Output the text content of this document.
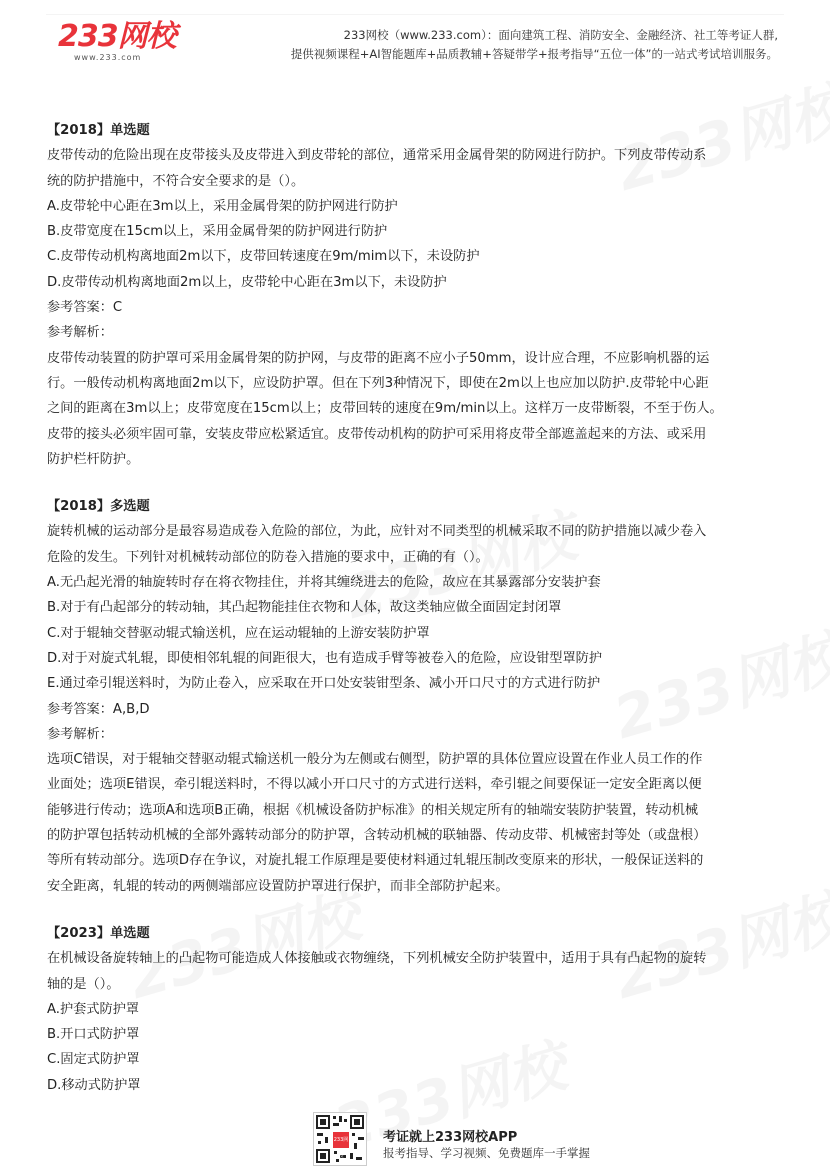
233网校
www.233.com
233网校（www.233.com）：面向建筑工程、消防安全、金融经济、社工等考证人群,
提供视频课程+AI智能题库+品质教辅+答疑带学+报考指导“五位一体”的一站式考试培训服务。
【2018】单选题
皮带传动的危险出现在皮带接头及皮带进入到皮带轮的部位，通常采用金属骨架的防网进行防护。下列皮带传动系
统的防护措施中，不符合安全要求的是（）。
A.皮带轮中心距在3m以上，采用金属骨架的防护网进行防护
B.皮带宽度在15cm以上，采用金属骨架的防护网进行防护
C.皮带传动机构离地面2m以下，皮带回转速度在9m/mim以下，未设防护
D.皮带传动机构离地面2m以上，皮带轮中心距在3m以下，未设防护
参考答案：C
参考解析：
皮带传动装置的防护罩可采用金属骨架的防护网，与皮带的距离不应小子50mm，设计应合理，不应影响机器的运
行。一般传动机构离地面2m以下，应设防护罩。但在下列3种情况下，即使在2m以上也应加以防护.皮带轮中心距
之间的距离在3m以上；皮带宽度在15cm以上；皮带回转的速度在9m/min以上。这样万一皮带断裂，不至于伤人。
皮带的接头必须牢固可靠，安装皮带应松紧适宜。皮带传动机构的防护可采用将皮带全部遮盖起来的方法、或采用
防护栏杆防护。
【2018】多选题
旋转机械的运动部分是最容易造成卷入危险的部位，为此，应针对不同类型的机械采取不同的防护措施以减少卷入
危险的发生。下列针对机械转动部位的防卷入措施的要求中，正确的有（）。
A.无凸起光滑的轴旋转时存在将衣物挂住，并将其缠绕进去的危险，故应在其暴露部分安装护套
B.对于有凸起部分的转动轴，其凸起物能挂住衣物和人体，故这类轴应做全面固定封闭罩
C.对于辊轴交替驱动辊式输送机，应在运动辊轴的上游安装防护罩
D.对于对旋式轧辊，即使相邻轧辊的间距很大，也有造成手臂等被卷入的危险，应设钳型罩防护
E.通过牵引辊送料时，为防止卷入，应采取在开口处安装钳型条、减小开口尺寸的方式进行防护
参考答案：A,B,D
参考解析：
选项C错误，对于辊轴交替驱动辊式输送机一般分为左侧或右侧型，防护罩的具体位置应设置在作业人员工作的作
业面处；选项E错误，牵引辊送料时，不得以减小开口尺寸的方式进行送料，牵引辊之间要保证一定安全距离以便
能够进行传动；选项A和选项B正确，根据《机械设备防护标准》的相关规定所有的轴端安装防护装置，转动机械
的防护罩包括转动机械的全部外露转动部分的防护罩，含转动机械的联轴器、传动皮带、机械密封等处（或盘根）
等所有转动部分。选项D存在争议，对旋扎辊工作原理是要使材料通过轧辊压制改变原来的形状，一般保证送料的
安全距离，轧辊的转动的两侧端部应设置防护罩进行保护，而非全部防护起来。
【2023】单选题
在机械设备旋转轴上的凸起物可能造成人体接触或衣物缠绕，下列机械安全防护装置中，适用于具有凸起物的旋转
轴的是（）。
A.护套式防护罩
B.开口式防护罩
C.固定式防护罩
D.移动式防护罩
233网校
考证就上233网校APP
报考指导、学习视频、免费题库一手掌握
